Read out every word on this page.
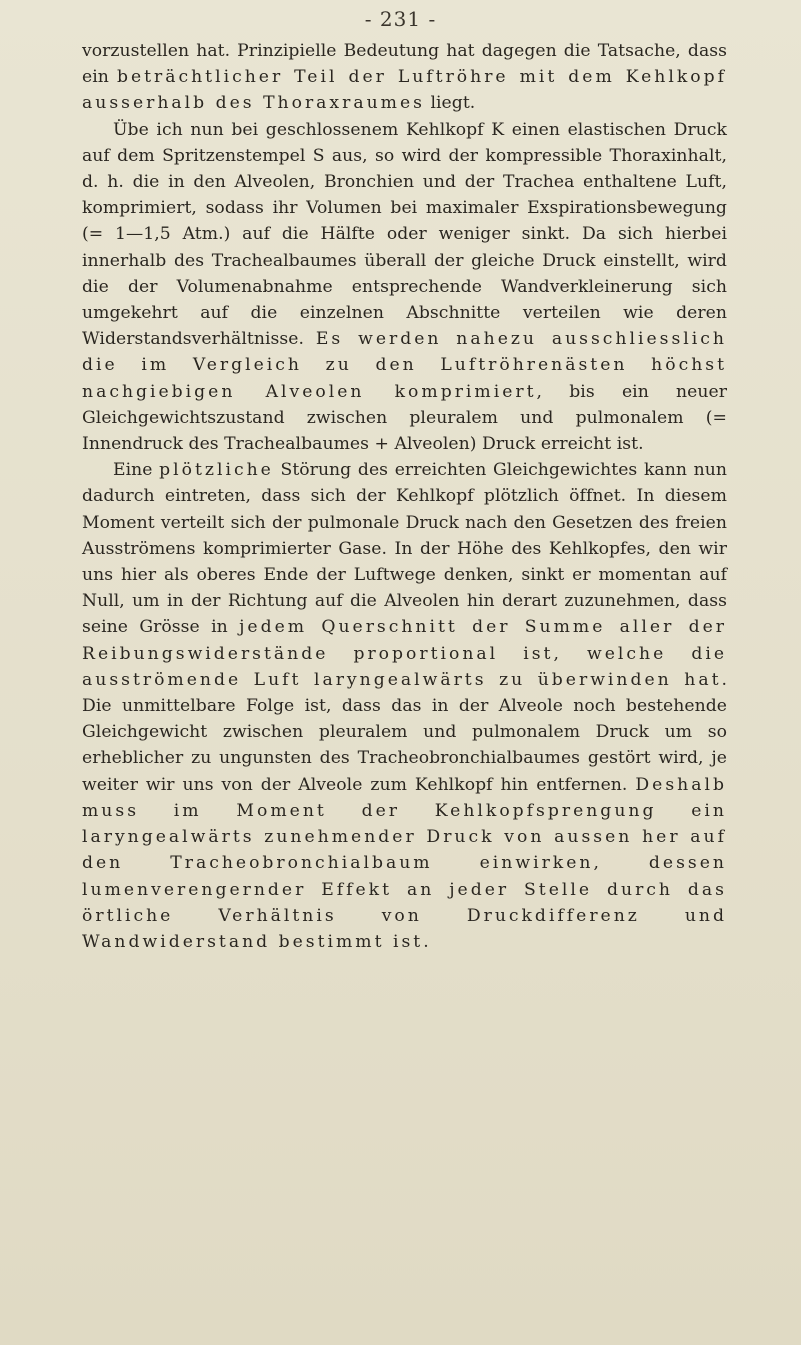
- 231 -

vorzustellen hat. Prinzipielle Bedeutung hat dagegen die Tatsache, dass ein beträchtlicher Teil der Luftröhre mit dem Kehlkopf ausserhalb des Thoraxraumes liegt.

Übe ich nun bei geschlossenem Kehlkopf K einen elastischen Druck auf dem Spritzenstempel S aus, so wird der kompressible Thoraxinhalt, d. h. die in den Alveolen, Bronchien und der Trachea enthaltene Luft, komprimiert, sodass ihr Volumen bei maximaler Exspirationsbewegung (= 1—1,5 Atm.) auf die Hälfte oder weniger sinkt. Da sich hierbei innerhalb des Trachealbaumes überall der gleiche Druck einstellt, wird die der Volumenabnahme entsprechende Wandverkleinerung sich umgekehrt auf die einzelnen Abschnitte verteilen wie deren Widerstandsverhältnisse. Es werden nahezu ausschliesslich die im Vergleich zu den Luftröhrenästen höchst nachgiebigen Alveolen komprimiert, bis ein neuer Gleichgewichtszustand zwischen pleuralem und pulmonalem (= Innendruck des Trachealbaumes + Alveolen) Druck erreicht ist.

Eine plötzliche Störung des erreichten Gleichgewichtes kann nun dadurch eintreten, dass sich der Kehlkopf plötzlich öffnet. In diesem Moment verteilt sich der pulmonale Druck nach den Gesetzen des freien Ausströmens komprimierter Gase. In der Höhe des Kehlkopfes, den wir uns hier als oberes Ende der Luftwege denken, sinkt er momentan auf Null, um in der Richtung auf die Alveolen hin derart zuzunehmen, dass seine Grösse in jedem Querschnitt der Summe aller der Reibungswiderstände proportional ist, welche die ausströmende Luft laryngealwärts zu überwinden hat. Die unmittelbare Folge ist, dass das in der Alveole noch bestehende Gleichgewicht zwischen pleuralem und pulmonalem Druck um so erheblicher zu ungunsten des Tracheobronchialbaumes gestört wird, je weiter wir uns von der Alveole zum Kehlkopf hin entfernen. Deshalb muss im Moment der Kehlkopfsprengung ein laryngealwärts zunehmender Druck von aussen her auf den Tracheobronchialbaum einwirken, dessen lumenverengernder Effekt an jeder Stelle durch das örtliche Verhältnis von Druckdifferenz und Wandwiderstand bestimmt ist.
